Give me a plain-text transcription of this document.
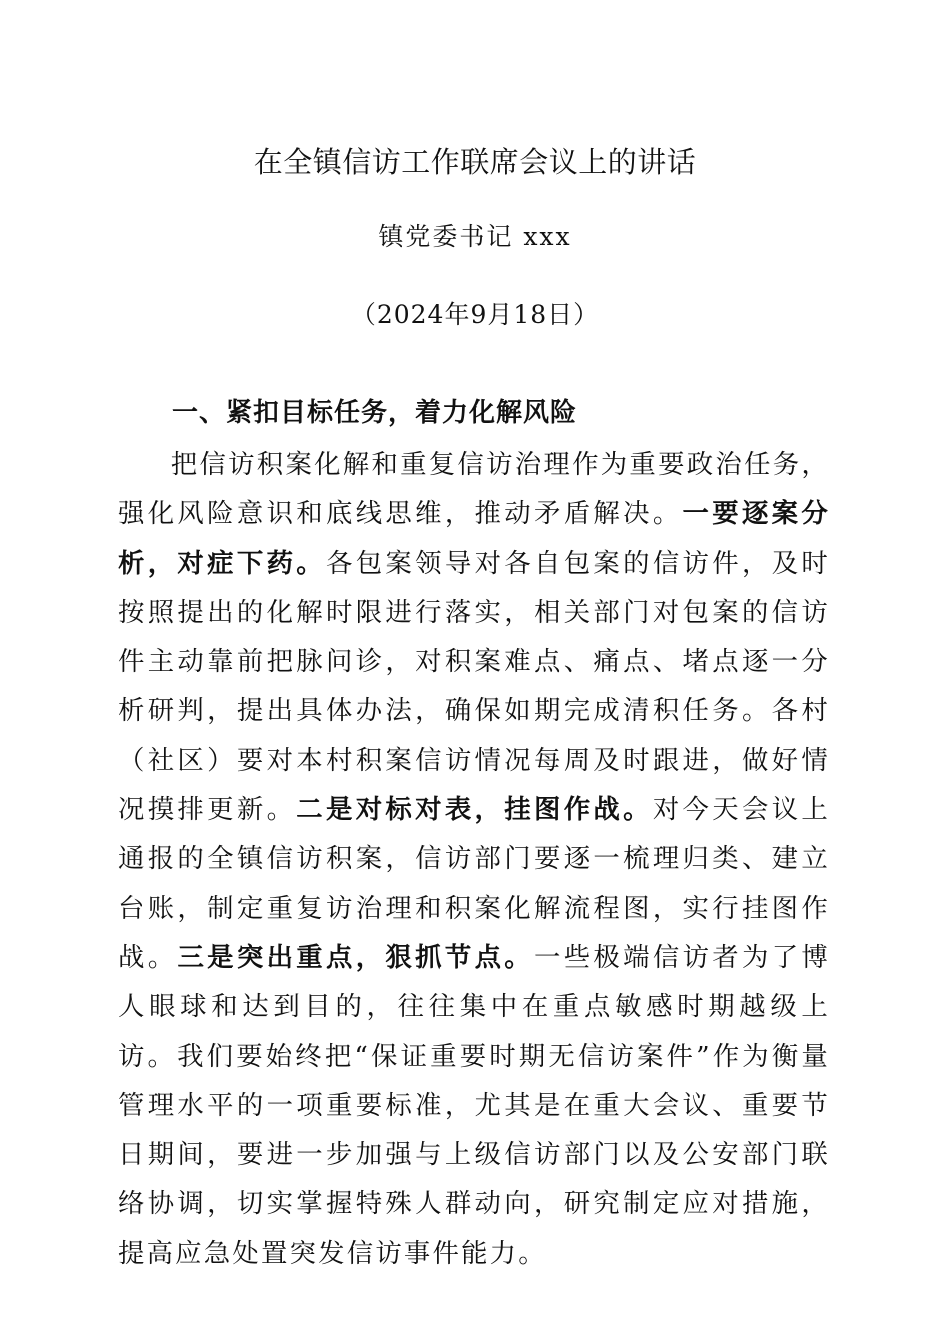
在全镇信访工作联席会议上的讲话
镇党委书记 xxx
（2024年9月18日）
一、紧扣目标任务，着力化解风险

把信访积案化解和重复信访治理作为重要政治任务，强化风险意识和底线思维，推动矛盾解决。一要逐案分析，对症下药。各包案领导对各自包案的信访件，及时按照提出的化解时限进行落实，相关部门对包案的信访件主动靠前把脉问诊，对积案难点、痛点、堵点逐一分析研判，提出具体办法，确保如期完成清积任务。各村（社区）要对本村积案信访情况每周及时跟进，做好情况摸排更新。二是对标对表，挂图作战。对今天会议上通报的全镇信访积案，信访部门要逐一梳理归类、建立台账，制定重复访治理和积案化解流程图，实行挂图作战。三是突出重点，狠抓节点。一些极端信访者为了博人眼球和达到目的，往往集中在重点敏感时期越级上访。我们要始终把“保证重要时期无信访案件”作为衡量管理水平的一项重要标准，尤其是在重大会议、重要节日期间，要进一步加强与上级信访部门以及公安部门联络协调，切实掌握特殊人群动向，研究制定应对措施，提高应急处置突发信访事件能力。
